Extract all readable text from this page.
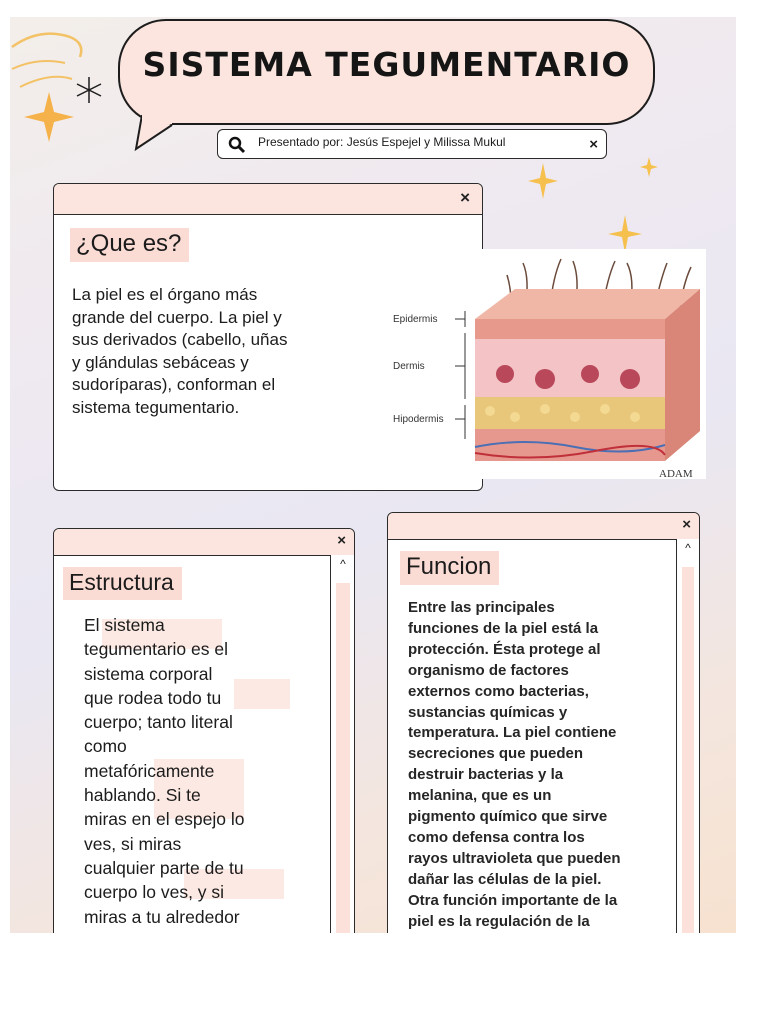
SISTEMA TEGUMENTARIO
Presentado por: Jesús Espejel y Milissa Mukul	×
×
¿Que es?
La piel es el órgano más
grande del cuerpo. La piel y
sus derivados (cabello, uñas
y glándulas sebáceas y
sudoríparas), conforman el
sistema tegumentario.
Epidermis
Dermis
Hipodermis
ADAM
×
^
Estructura
El sistema
tegumentario es el
sistema corporal
que rodea todo tu
cuerpo; tanto literal
como
metafóricamente
hablando. Si te
miras en el espejo lo
ves, si miras
cualquier parte de tu
cuerpo lo ves, y si
miras a tu alrededor
×
^
Funcion
Entre las principales
funciones de la piel está la
protección. Ésta protege al
organismo de factores
externos como bacterias,
sustancias químicas y
temperatura. La piel contiene
secreciones que pueden
destruir bacterias y la
melanina, que es un
pigmento químico que sirve
como defensa contra los
rayos ultravioleta que pueden
dañar las células de la piel.
Otra función importante de la
piel es la regulación de la
